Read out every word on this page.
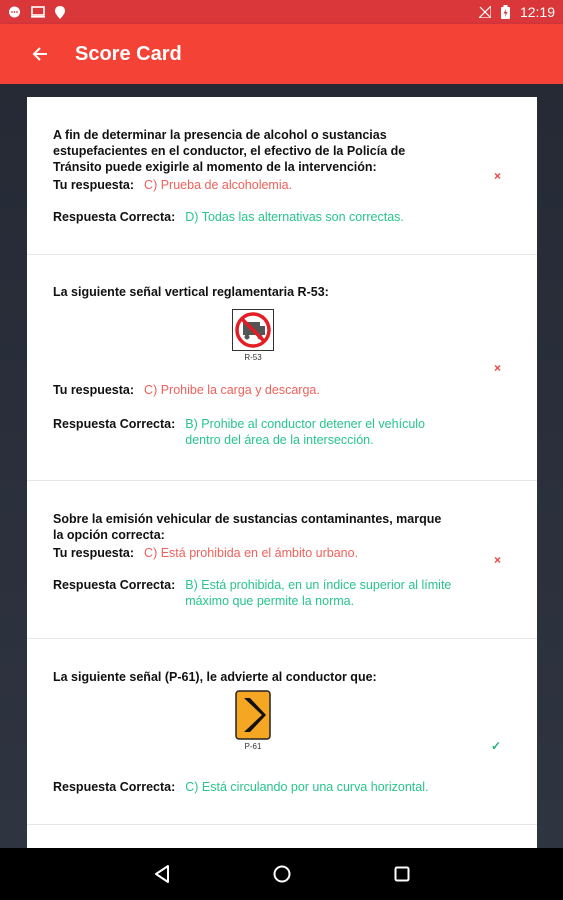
12:19
Score Card
A fin de determinar la presencia de alcohol o sustancias estupefacientes en el conductor, el efectivo de la Policía de Tránsito puede exigirle al momento de la intervención:
Tu respuesta: C) Prueba de alcoholemia.
Respuesta Correcta: D) Todas las alternativas son correctas.
×
La siguiente señal vertical reglamentaria R-53:
R-53
Tu respuesta: C) Prohibe la carga y descarga.
Respuesta Correcta: B) Prohibe al conductor detener el vehículo dentro del área de la intersección.
×
Sobre la emisión vehicular de sustancias contaminantes, marque la opción correcta:
Tu respuesta: C) Está prohibida en el ámbito urbano.
Respuesta Correcta: B) Está prohibida, en un índice superior al límite máximo que permite la norma.
×
La siguiente señal (P-61), le advierte al conductor que:
P-61
Respuesta Correcta: C) Está circulando por una curva horizontal.
✓
